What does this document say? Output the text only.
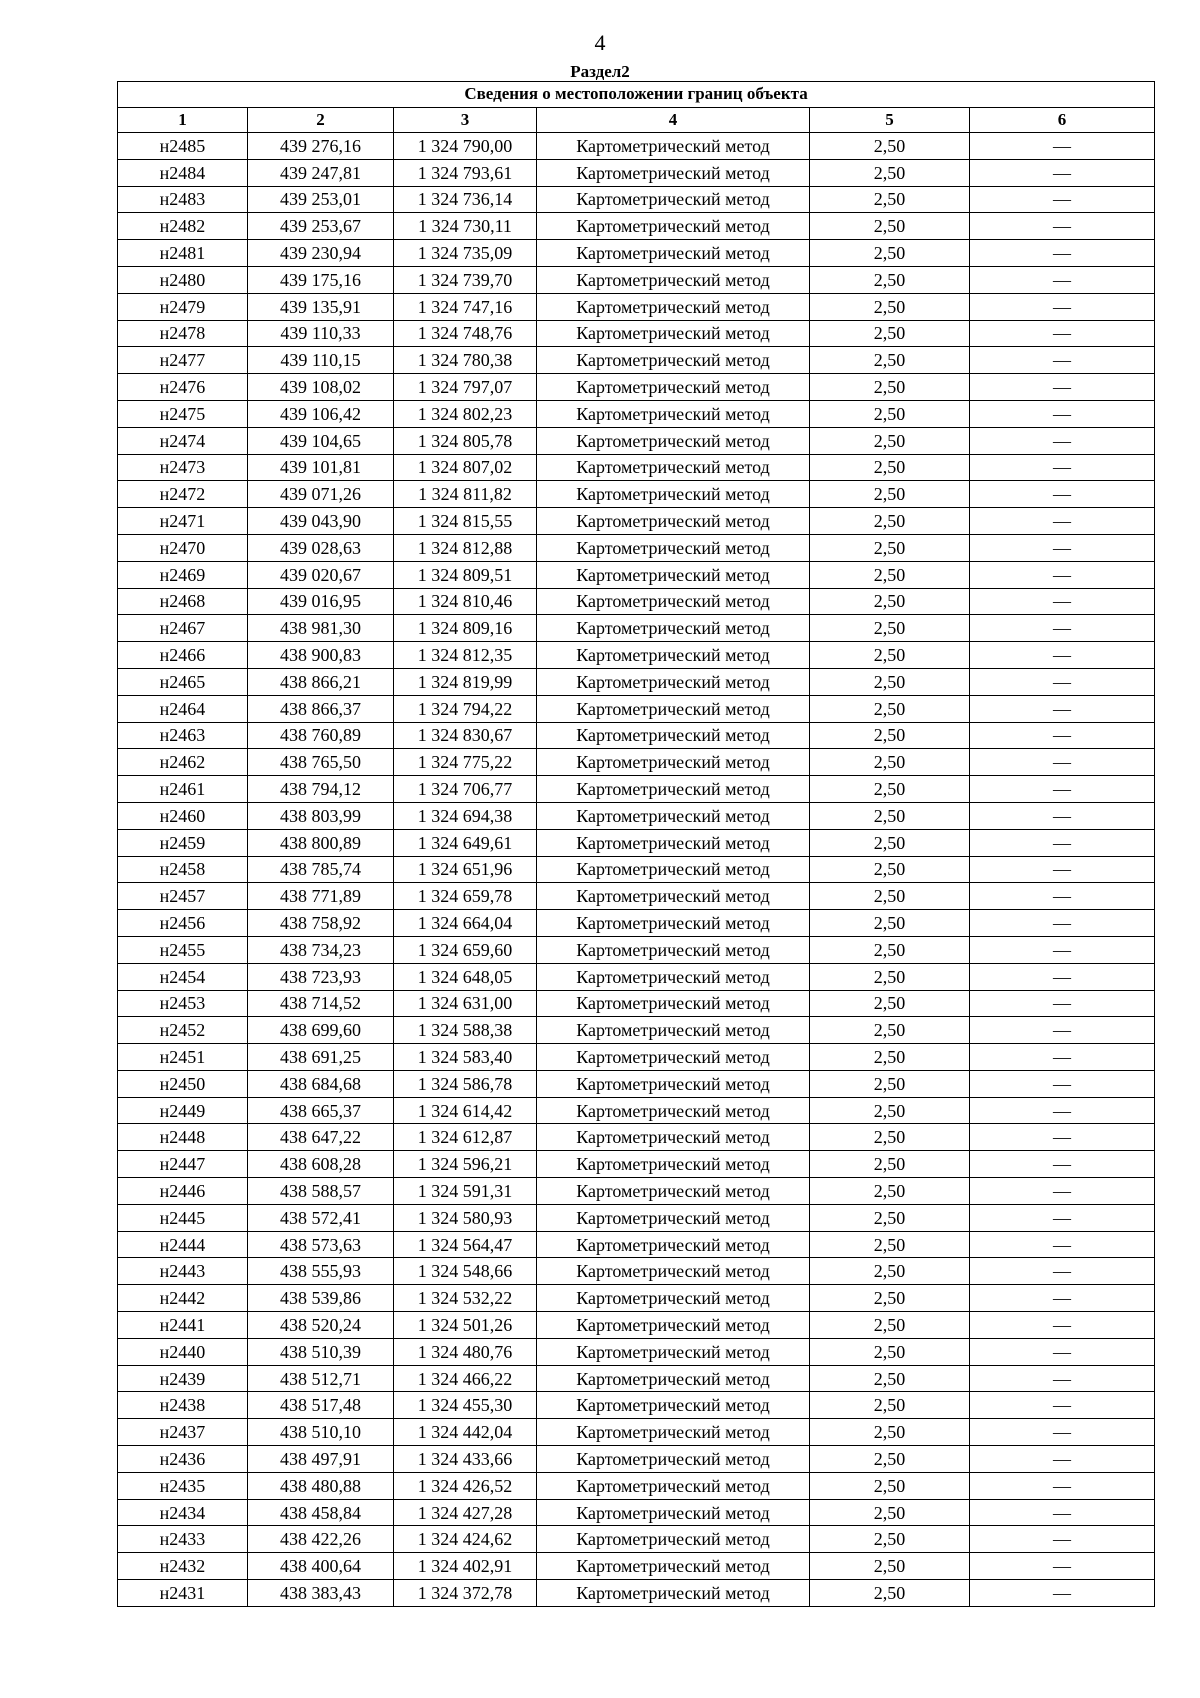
4
Раздел2
Сведения о местоположении границ объекта					
1	2	3	4	5	6
н2485	439 276,16	1 324 790,00	Картометрический метод	2,50	—
н2484	439 247,81	1 324 793,61	Картометрический метод	2,50	—
н2483	439 253,01	1 324 736,14	Картометрический метод	2,50	—
н2482	439 253,67	1 324 730,11	Картометрический метод	2,50	—
н2481	439 230,94	1 324 735,09	Картометрический метод	2,50	—
н2480	439 175,16	1 324 739,70	Картометрический метод	2,50	—
н2479	439 135,91	1 324 747,16	Картометрический метод	2,50	—
н2478	439 110,33	1 324 748,76	Картометрический метод	2,50	—
н2477	439 110,15	1 324 780,38	Картометрический метод	2,50	—
н2476	439 108,02	1 324 797,07	Картометрический метод	2,50	—
н2475	439 106,42	1 324 802,23	Картометрический метод	2,50	—
н2474	439 104,65	1 324 805,78	Картометрический метод	2,50	—
н2473	439 101,81	1 324 807,02	Картометрический метод	2,50	—
н2472	439 071,26	1 324 811,82	Картометрический метод	2,50	—
н2471	439 043,90	1 324 815,55	Картометрический метод	2,50	—
н2470	439 028,63	1 324 812,88	Картометрический метод	2,50	—
н2469	439 020,67	1 324 809,51	Картометрический метод	2,50	—
н2468	439 016,95	1 324 810,46	Картометрический метод	2,50	—
н2467	438 981,30	1 324 809,16	Картометрический метод	2,50	—
н2466	438 900,83	1 324 812,35	Картометрический метод	2,50	—
н2465	438 866,21	1 324 819,99	Картометрический метод	2,50	—
н2464	438 866,37	1 324 794,22	Картометрический метод	2,50	—
н2463	438 760,89	1 324 830,67	Картометрический метод	2,50	—
н2462	438 765,50	1 324 775,22	Картометрический метод	2,50	—
н2461	438 794,12	1 324 706,77	Картометрический метод	2,50	—
н2460	438 803,99	1 324 694,38	Картометрический метод	2,50	—
н2459	438 800,89	1 324 649,61	Картометрический метод	2,50	—
н2458	438 785,74	1 324 651,96	Картометрический метод	2,50	—
н2457	438 771,89	1 324 659,78	Картометрический метод	2,50	—
н2456	438 758,92	1 324 664,04	Картометрический метод	2,50	—
н2455	438 734,23	1 324 659,60	Картометрический метод	2,50	—
н2454	438 723,93	1 324 648,05	Картометрический метод	2,50	—
н2453	438 714,52	1 324 631,00	Картометрический метод	2,50	—
н2452	438 699,60	1 324 588,38	Картометрический метод	2,50	—
н2451	438 691,25	1 324 583,40	Картометрический метод	2,50	—
н2450	438 684,68	1 324 586,78	Картометрический метод	2,50	—
н2449	438 665,37	1 324 614,42	Картометрический метод	2,50	—
н2448	438 647,22	1 324 612,87	Картометрический метод	2,50	—
н2447	438 608,28	1 324 596,21	Картометрический метод	2,50	—
н2446	438 588,57	1 324 591,31	Картометрический метод	2,50	—
н2445	438 572,41	1 324 580,93	Картометрический метод	2,50	—
н2444	438 573,63	1 324 564,47	Картометрический метод	2,50	—
н2443	438 555,93	1 324 548,66	Картометрический метод	2,50	—
н2442	438 539,86	1 324 532,22	Картометрический метод	2,50	—
н2441	438 520,24	1 324 501,26	Картометрический метод	2,50	—
н2440	438 510,39	1 324 480,76	Картометрический метод	2,50	—
н2439	438 512,71	1 324 466,22	Картометрический метод	2,50	—
н2438	438 517,48	1 324 455,30	Картометрический метод	2,50	—
н2437	438 510,10	1 324 442,04	Картометрический метод	2,50	—
н2436	438 497,91	1 324 433,66	Картометрический метод	2,50	—
н2435	438 480,88	1 324 426,52	Картометрический метод	2,50	—
н2434	438 458,84	1 324 427,28	Картометрический метод	2,50	—
н2433	438 422,26	1 324 424,62	Картометрический метод	2,50	—
н2432	438 400,64	1 324 402,91	Картометрический метод	2,50	—
н2431	438 383,43	1 324 372,78	Картометрический метод	2,50	—
